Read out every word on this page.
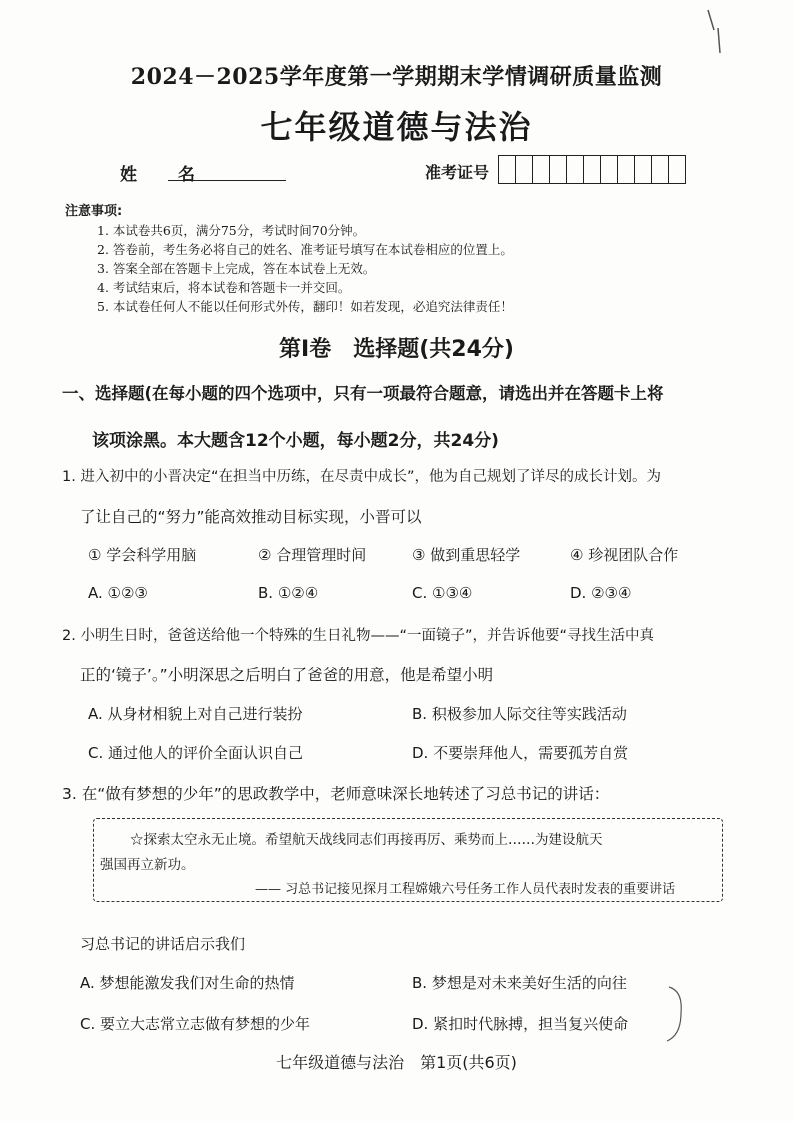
2024－2025学年度第一学期期末学情调研质量监测
七年级道德与法治
姓　名	准考证号
注意事项:
1. 本试卷共6页，满分75分，考试时间70分钟。
2. 答卷前，考生务必将自己的姓名、准考证号填写在本试卷相应的位置上。
3. 答案全部在答题卡上完成，答在本试卷上无效。
4. 考试结束后，将本试卷和答题卡一并交回。
5. 本试卷任何人不能以任何形式外传，翻印！如若发现，必追究法律责任！
第Ⅰ卷　选择题(共24分)
一、选择题(在每小题的四个选项中，只有一项最符合题意，请选出并在答题卡上将
该项涂黑。本大题含12个小题，每小题2分，共24分)
1. 进入初中的小晋决定“在担当中历练，在尽责中成长”，他为自己规划了详尽的成长计划。为
了让自己的“努力”能高效推动目标实现，小晋可以
① 学会科学用脑	② 合理管理时间	③ 做到重思轻学	④ 珍视团队合作
A. ①②③	B. ①②④	C. ①③④	D. ②③④
2. 小明生日时，爸爸送给他一个特殊的生日礼物——“一面镜子”，并告诉他要“寻找生活中真
正的‘镜子’。”小明深思之后明白了爸爸的用意，他是希望小明
A. 从身材相貌上对自己进行装扮	B. 积极参加人际交往等实践活动
C. 通过他人的评价全面认识自己	D. 不要崇拜他人，需要孤芳自赏
3. 在“做有梦想的少年”的思政教学中，老师意味深长地转述了习总书记的讲话：
☆探索太空永无止境。希望航天战线同志们再接再厉、乘势而上……为建设航天
强国再立新功。
—— 习总书记接见探月工程嫦娥六号任务工作人员代表时发表的重要讲话
习总书记的讲话启示我们
A. 梦想能激发我们对生命的热情	B. 梦想是对未来美好生活的向往
C. 要立大志常立志做有梦想的少年	D. 紧扣时代脉搏，担当复兴使命
七年级道德与法治　第1页(共6页)
